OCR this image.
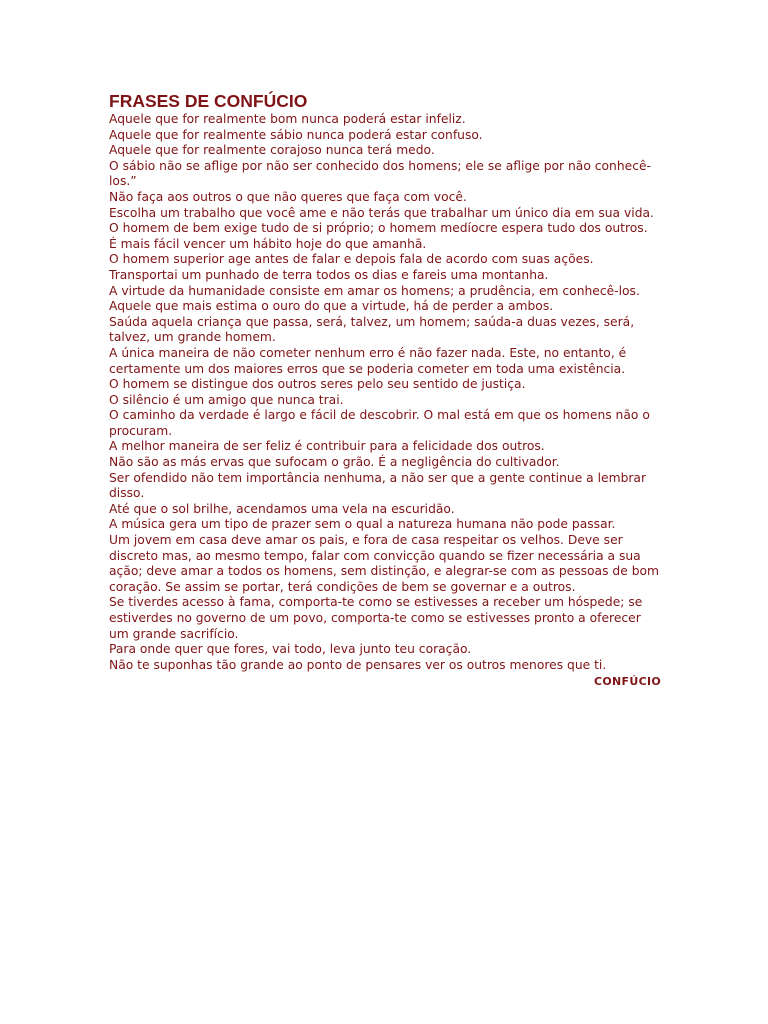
FRASES DE CONFÚCIO
Aquele que for realmente bom nunca poderá estar infeliz.
Aquele que for realmente sábio nunca poderá estar confuso.
Aquele que for realmente corajoso nunca terá medo.
O sábio não se aflige por não ser conhecido dos homens; ele se aflige por não conhecê-los.”
Não faça aos outros o que não queres que faça com você.
Escolha um trabalho que você ame e não terás que trabalhar um único dia em sua vida.
O homem de bem exige tudo de si próprio; o homem medíocre espera tudo dos outros.
É mais fácil vencer um hábito hoje do que amanhã.
O homem superior age antes de falar e depois fala de acordo com suas ações.
Transportai um punhado de terra todos os dias e fareis uma montanha.
A virtude da humanidade consiste em amar os homens; a prudência, em conhecê-los.
Aquele que mais estima o ouro do que a virtude, há de perder a ambos.
Saúda aquela criança que passa, será, talvez, um homem; saúda-a duas vezes, será, talvez, um grande homem.
A única maneira de não cometer nenhum erro é não fazer nada. Este, no entanto, é certamente um dos maiores erros que se poderia cometer em toda uma existência.
O homem se distingue dos outros seres pelo seu sentido de justiça.
O silêncio é um amigo que nunca trai.
O caminho da verdade é largo e fácil de descobrir. O mal está em que os homens não o procuram.
A melhor maneira de ser feliz é contribuir para a felicidade dos outros.
Não são as más ervas que sufocam o grão. É a negligência do cultivador.
Ser ofendido não tem importância nenhuma, a não ser que a gente continue a lembrar disso.
Até que o sol brilhe, acendamos uma vela na escuridão.
A música gera um tipo de prazer sem o qual a natureza humana não pode passar.
Um jovem em casa deve amar os pais, e fora de casa respeitar os velhos. Deve ser discreto mas, ao mesmo tempo, falar com convicção quando se fizer necessária a sua ação; deve amar a todos os homens, sem distinção, e alegrar-se com as pessoas de bom coração. Se assim se portar, terá condições de bem se governar e a outros.
Se tiverdes acesso à fama, comporta-te como se estivesses a receber um hóspede; se estiverdes no governo de um povo, comporta-te como se estivesses pronto a oferecer um grande sacrifício.
Para onde quer que fores, vai todo, leva junto teu coração.
Não te suponhas tão grande ao ponto de pensares ver os outros menores que ti.
CONFÚCIO
